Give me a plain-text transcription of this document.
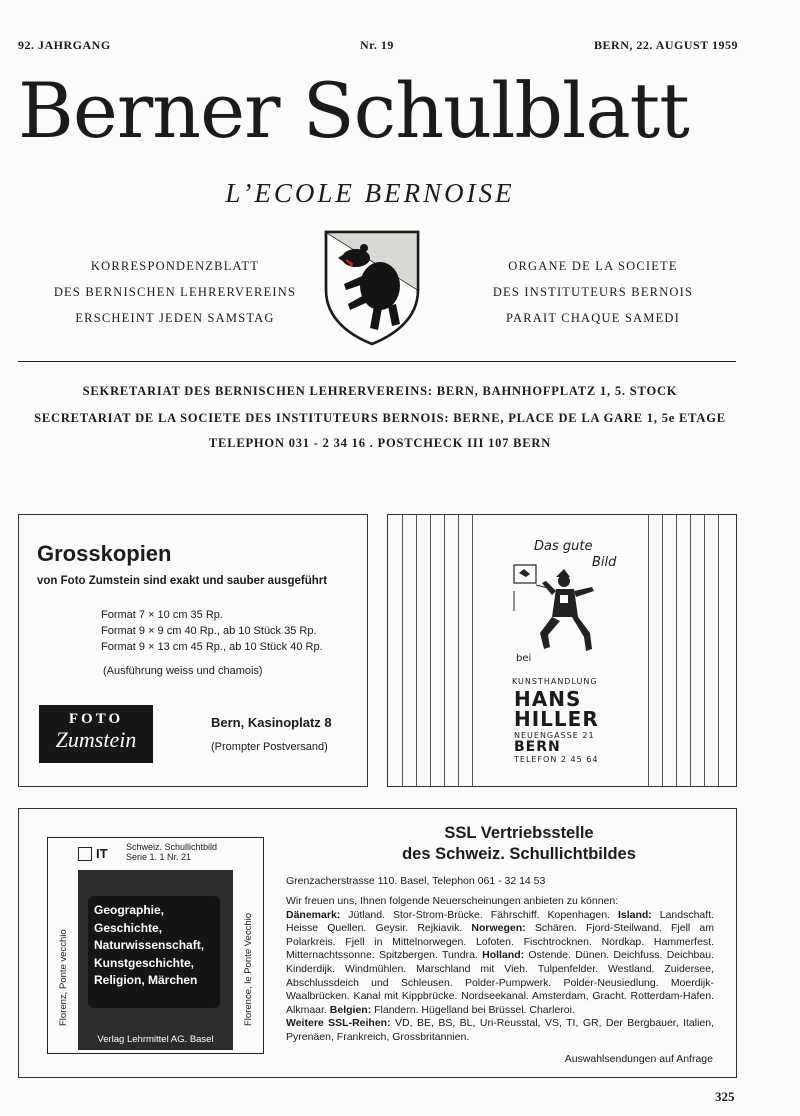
92. JAHRGANG	Nr. 19	BERN, 22. AUGUST 1959
Berner Schulblatt
L’ECOLE BERNOISE
KORRESPONDENZBLATT
DES BERNISCHEN LEHRERVEREINS
ERSCHEINT JEDEN SAMSTAG
ORGANE DE LA SOCIETE
DES INSTITUTEURS BERNOIS
PARAIT CHAQUE SAMEDI
SEKRETARIAT DES BERNISCHEN LEHRERVEREINS: BERN, BAHNHOFPLATZ 1, 5. STOCK
SECRETARIAT DE LA SOCIETE DES INSTITUTEURS BERNOIS: BERNE, PLACE DE LA GARE 1, 5e ETAGE
TELEPHON 031 - 2 34 16 . POSTCHECK III 107 BERN
Grosskopien
von Foto Zumstein sind exakt und sauber ausgeführt
Format 7 × 10 cm 35 Rp.
Format 9 × 9 cm 40 Rp., ab 10 Stück 35 Rp.
Format 9 × 13 cm 45 Rp., ab 10 Stück 40 Rp.
(Ausführung weiss und chamois)
FOTO
Zumstein
Bern, Kasinoplatz 8
(Prompter Postversand)
Das gute
Bild
bei
KUNSTHANDLUNG
HANS
HILLER
NEUENGASSE 21
BERN
TELEFON 2 45 64
IT Schweiz. Schullichtbild
Serie 1. 1 Nr. 21
Geographie,
Geschichte,
Naturwissenschaft,
Kunstgeschichte,
Religion, Märchen
Verlag Lehrmittel AG. Basel
Florenz, Ponte vecchio	Florence, le Ponte Vecchio
SSL Vertriebsstelle
des Schweiz. Schullichtbildes
Grenzacherstrasse 110. Basel, Telephon 061 - 32 14 53
Wir freuen uns, Ihnen folgende Neuerscheinungen anbieten zu können:
Dänemark: Jütland. Stor-Strom-Brücke. Fährschiff. Kopenhagen. Island: Landschaft. Heisse Quellen. Geysir. Rejkiavik. Norwegen: Schären. Fjord-Steilwand. Fjell am Polarkreis. Fjell in Mittelnorwegen. Lofoten. Fischtrocknen. Nordkap. Hammerfest. Mitternachtssonne. Spitzbergen. Tundra. Holland: Ostende. Dünen. Deichfuss. Deichbau. Kinderdijk. Windmühlen. Marschland mit Vieh. Tulpenfelder. Westland. Zuidersee, Abschlussdeich und Schleusen. Polder-Pumpwerk. Polder-Neusiedlung. Moerdijk-Waalbrücken. Kanal mit Kippbrücke. Nordseekanal. Amsterdam, Gracht. Rotterdam-Hafen. Alkmaar. Belgien: Flandern. Hügelland bei Brüssel. Charleroi.
Weitere SSL-Reihen: VD, BE, BS, BL, Uri-Reusstal, VS, TI, GR, Der Bergbauer, Italien, Pyrenäen, Frankreich, Grossbritannien.
Auswahlsendungen auf Anfrage
325
